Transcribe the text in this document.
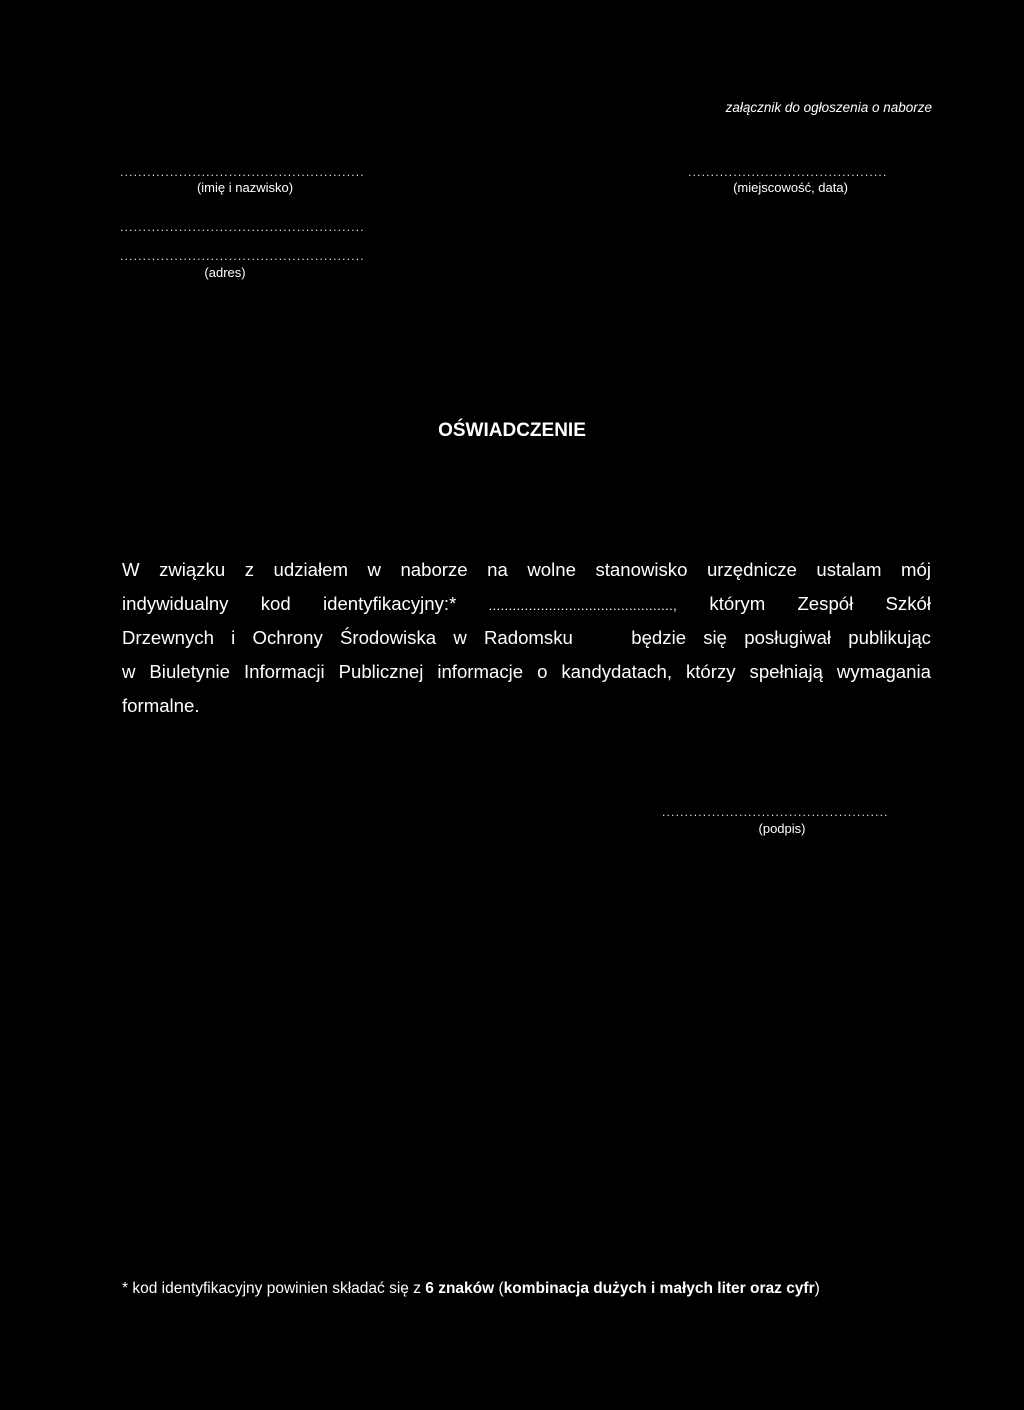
załącznik do ogłoszenia o naborze
......................................................
(imię i nazwisko)
............................................
(miejscowość, data)
......................................................
......................................................
(adres)
OŚWIADCZENIE
W związku z udziałem w naborze na wolne stanowisko urzędnicze ustalam mój
indywidualny kod identyfikacyjny:* .............................................., którym Zespół Szkół
Drzewnych i Ochrony Środowiska w Radomsku	będzie się posługiwał publikując
w Biuletynie Informacji Publicznej informacje o kandydatach, którzy spełniają wymagania
formalne.
..................................................
(podpis)
* kod identyfikacyjny powinien składać się z 6 znaków (kombinacja dużych i małych liter oraz cyfr)
